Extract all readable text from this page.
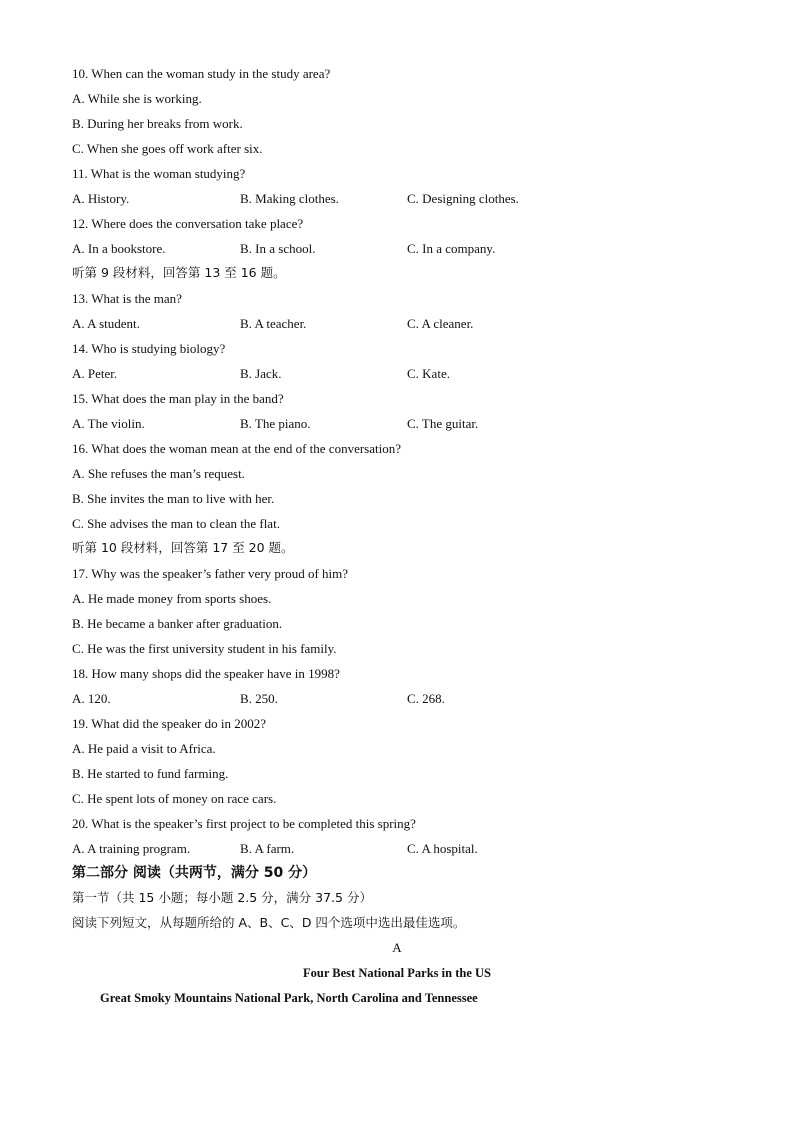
10. When can the woman study in the study area?
A. While she is working.
B. During her breaks from work.
C. When she goes off work after six.
11. What is the woman studying?
A. History.	B. Making clothes.	C. Designing clothes.
12. Where does the conversation take place?
A. In a bookstore.	B. In a school.	C. In a company.
听第 9 段材料，回答第 13 至 16 题。
13. What is the man?
A. A student.	B. A teacher.	C. A cleaner.
14. Who is studying biology?
A. Peter.	B. Jack.	C. Kate.
15. What does the man play in the band?
A. The violin.	B. The piano.	C. The guitar.
16. What does the woman mean at the end of the conversation?
A. She refuses the man’s request.
B. She invites the man to live with her.
C. She advises the man to clean the flat.
听第 10 段材料，回答第 17 至 20 题。
17. Why was the speaker’s father very proud of him?
A. He made money from sports shoes.
B. He became a banker after graduation.
C. He was the first university student in his family.
18. How many shops did the speaker have in 1998?
A. 120.	B. 250.	C. 268.
19. What did the speaker do in 2002?
A. He paid a visit to Africa.
B. He started to fund farming.
C. He spent lots of money on race cars.
20. What is the speaker’s first project to be completed this spring?
A. A training program.	B. A farm.	C. A hospital.
第二部分 阅读（共两节，满分 50 分）
第一节（共 15 小题；每小题 2.5 分，满分 37.5 分）
阅读下列短文，从每题所给的 A、B、C、D 四个选项中选出最佳选项。
A
Four Best National Parks in the US
Great Smoky Mountains National Park, North Carolina and Tennessee
